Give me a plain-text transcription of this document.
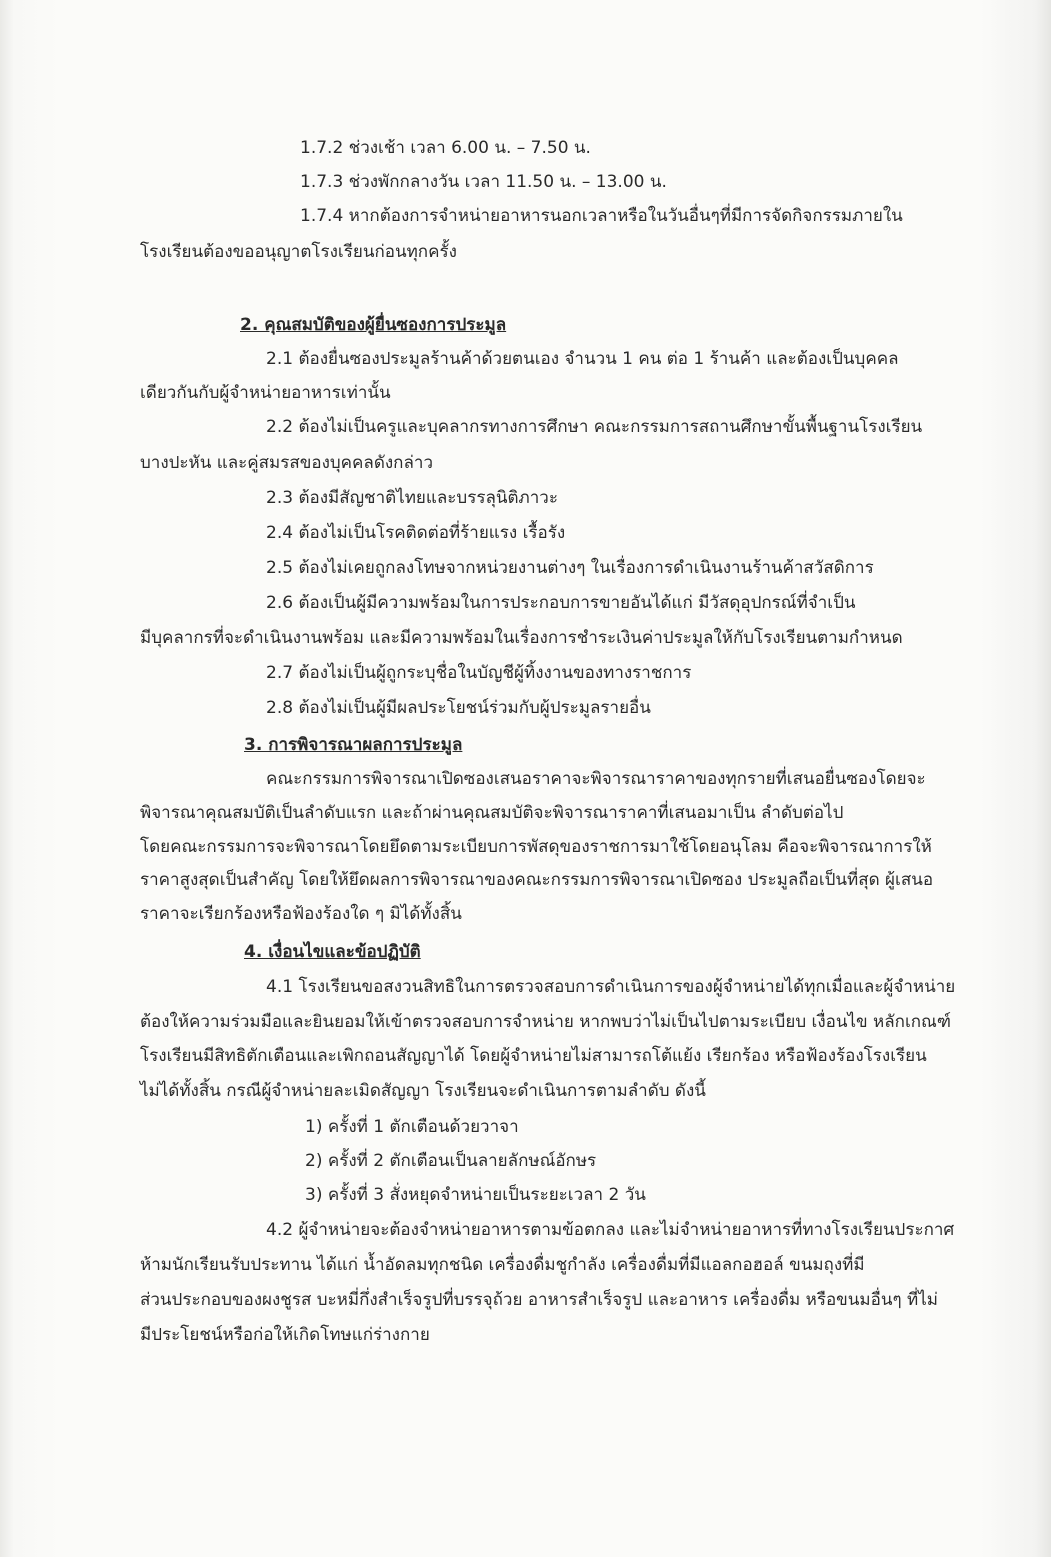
1.7.2 ช่วงเช้า เวลา 6.00 น. – 7.50 น.
1.7.3 ช่วงพักกลางวัน เวลา 11.50 น. – 13.00 น.
1.7.4 หากต้องการจำหน่ายอาหารนอกเวลาหรือในวันอื่นๆที่มีการจัดกิจกรรมภายใน
โรงเรียนต้องขออนุญาตโรงเรียนก่อนทุกครั้ง
2. คุณสมบัติของผู้ยื่นซองการประมูล
2.1 ต้องยื่นซองประมูลร้านค้าด้วยตนเอง จำนวน 1 คน ต่อ 1 ร้านค้า และต้องเป็นบุคคล
เดียวกันกับผู้จำหน่ายอาหารเท่านั้น
2.2 ต้องไม่เป็นครูและบุคลากรทางการศึกษา คณะกรรมการสถานศึกษาขั้นพื้นฐานโรงเรียน
บางปะหัน และคู่สมรสของบุคคลดังกล่าว
2.3 ต้องมีสัญชาติไทยและบรรลุนิติภาวะ
2.4 ต้องไม่เป็นโรคติดต่อที่ร้ายแรง เรื้อรัง
2.5 ต้องไม่เคยถูกลงโทษจากหน่วยงานต่างๆ ในเรื่องการดำเนินงานร้านค้าสวัสดิการ
2.6 ต้องเป็นผู้มีความพร้อมในการประกอบการขายอันได้แก่ มีวัสดุอุปกรณ์ที่จำเป็น
มีบุคลากรที่จะดำเนินงานพร้อม และมีความพร้อมในเรื่องการชำระเงินค่าประมูลให้กับโรงเรียนตามกำหนด
2.7 ต้องไม่เป็นผู้ถูกระบุชื่อในบัญชีผู้ทิ้งงานของทางราชการ
2.8 ต้องไม่เป็นผู้มีผลประโยชน์ร่วมกับผู้ประมูลรายอื่น
3. การพิจารณาผลการประมูล
คณะกรรมการพิจารณาเปิดซองเสนอราคาจะพิจารณาราคาของทุกรายที่เสนอยื่นซองโดยจะ
พิจารณาคุณสมบัติเป็นลำดับแรก และถ้าผ่านคุณสมบัติจะพิจารณาราคาที่เสนอมาเป็น ลำดับต่อไป
โดยคณะกรรมการจะพิจารณาโดยยึดตามระเบียบการพัสดุของราชการมาใช้โดยอนุโลม คือจะพิจารณาการให้
ราคาสูงสุดเป็นสำคัญ โดยให้ยึดผลการพิจารณาของคณะกรรมการพิจารณาเปิดซอง ประมูลถือเป็นที่สุด ผู้เสนอ
ราคาจะเรียกร้องหรือฟ้องร้องใด ๆ มิได้ทั้งสิ้น
4. เงื่อนไขและข้อปฏิบัติ
4.1 โรงเรียนขอสงวนสิทธิในการตรวจสอบการดำเนินการของผู้จำหน่ายได้ทุกเมื่อและผู้จำหน่าย
ต้องให้ความร่วมมือและยินยอมให้เข้าตรวจสอบการจำหน่าย หากพบว่าไม่เป็นไปตามระเบียบ เงื่อนไข หลักเกณฑ์
โรงเรียนมีสิทธิตักเตือนและเพิกถอนสัญญาได้ โดยผู้จำหน่ายไม่สามารถโต้แย้ง เรียกร้อง หรือฟ้องร้องโรงเรียน
ไม่ได้ทั้งสิ้น กรณีผู้จำหน่ายละเมิดสัญญา โรงเรียนจะดำเนินการตามลำดับ ดังนี้
1) ครั้งที่ 1 ตักเตือนด้วยวาจา
2) ครั้งที่ 2 ตักเตือนเป็นลายลักษณ์อักษร
3) ครั้งที่ 3 สั่งหยุดจำหน่ายเป็นระยะเวลา 2 วัน
4.2 ผู้จำหน่ายจะต้องจำหน่ายอาหารตามข้อตกลง และไม่จำหน่ายอาหารที่ทางโรงเรียนประกาศ
ห้ามนักเรียนรับประทาน ได้แก่ น้ำอัดลมทุกชนิด เครื่องดื่มชูกำลัง เครื่องดื่มที่มีแอลกอฮอล์ ขนมถุงที่มี
ส่วนประกอบของผงชูรส บะหมี่กึ่งสำเร็จรูปที่บรรจุถ้วย อาหารสำเร็จรูป และอาหาร เครื่องดื่ม หรือขนมอื่นๆ ที่ไม่
มีประโยชน์หรือก่อให้เกิดโทษแก่ร่างกาย
